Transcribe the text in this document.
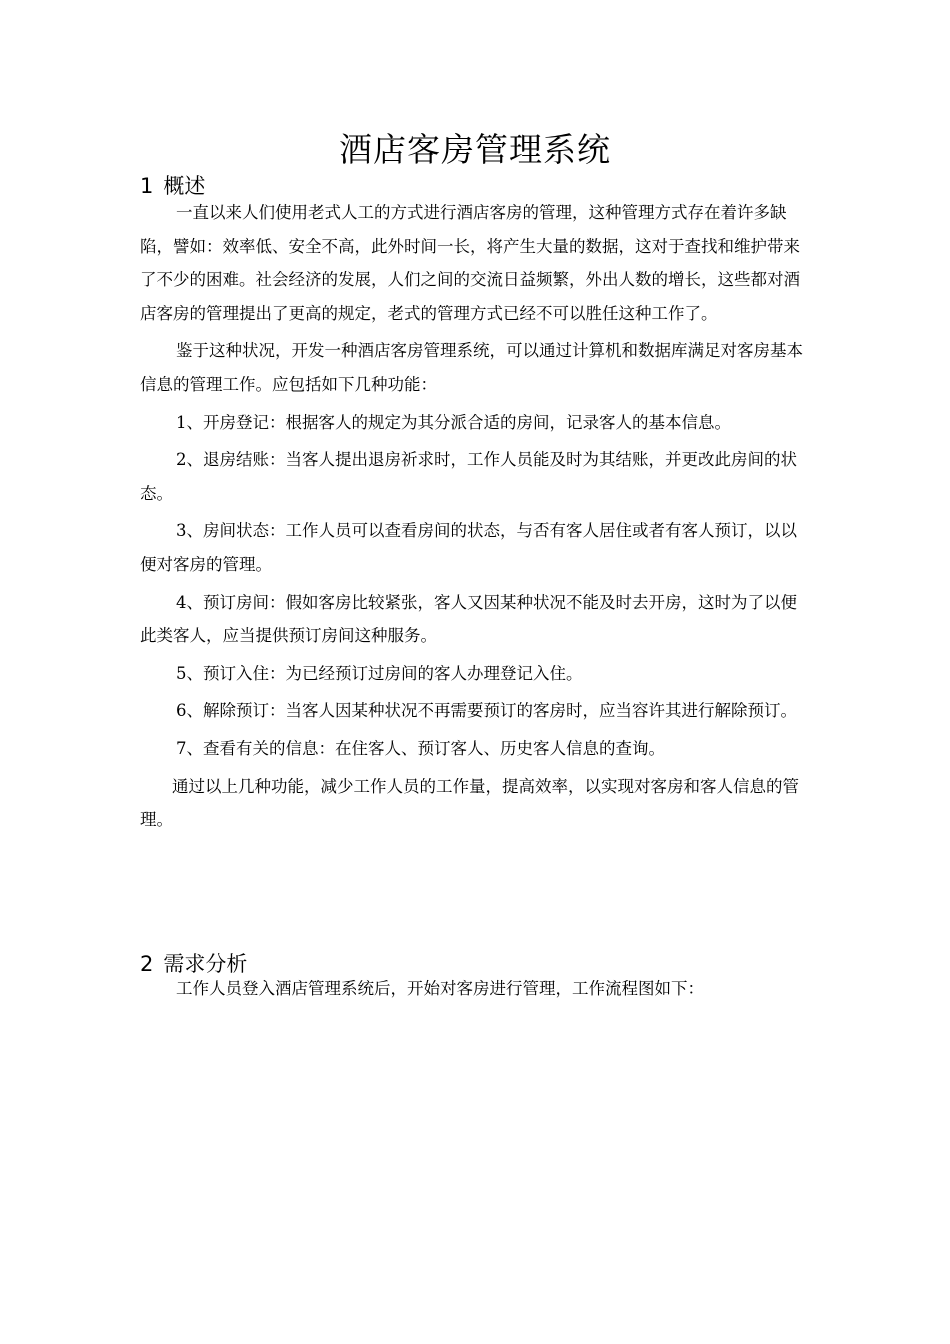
酒店客房管理系统
1 概述

一直以来人们使用老式人工的方式进行酒店客房的管理，这种管理方式存在着许多缺陷，譬如：效率低、安全不高，此外时间一长，将产生大量的数据，这对于查找和维护带来了不少的困难。社会经济的发展，人们之间的交流日益频繁，外出人数的增长，这些都对酒店客房的管理提出了更高的规定，老式的管理方式已经不可以胜任这种工作了。

鉴于这种状况，开发一种酒店客房管理系统，可以通过计算机和数据库满足对客房基本信息的管理工作。应包括如下几种功能：

1、开房登记：根据客人的规定为其分派合适的房间，记录客人的基本信息。

2、退房结账：当客人提出退房祈求时，工作人员能及时为其结账，并更改此房间的状态。

3、房间状态：工作人员可以查看房间的状态，与否有客人居住或者有客人预订，以以便对客房的管理。

4、预订房间：假如客房比较紧张，客人又因某种状况不能及时去开房，这时为了以便此类客人，应当提供预订房间这种服务。

5、预订入住：为已经预订过房间的客人办理登记入住。

6、解除预订：当客人因某种状况不再需要预订的客房时，应当容许其进行解除预订。

7、查看有关的信息：在住客人、预订客人、历史客人信息的查询。

通过以上几种功能，减少工作人员的工作量，提高效率，以实现对客房和客人信息的管理。

2 需求分析

工作人员登入酒店管理系统后，开始对客房进行管理，工作流程图如下：
